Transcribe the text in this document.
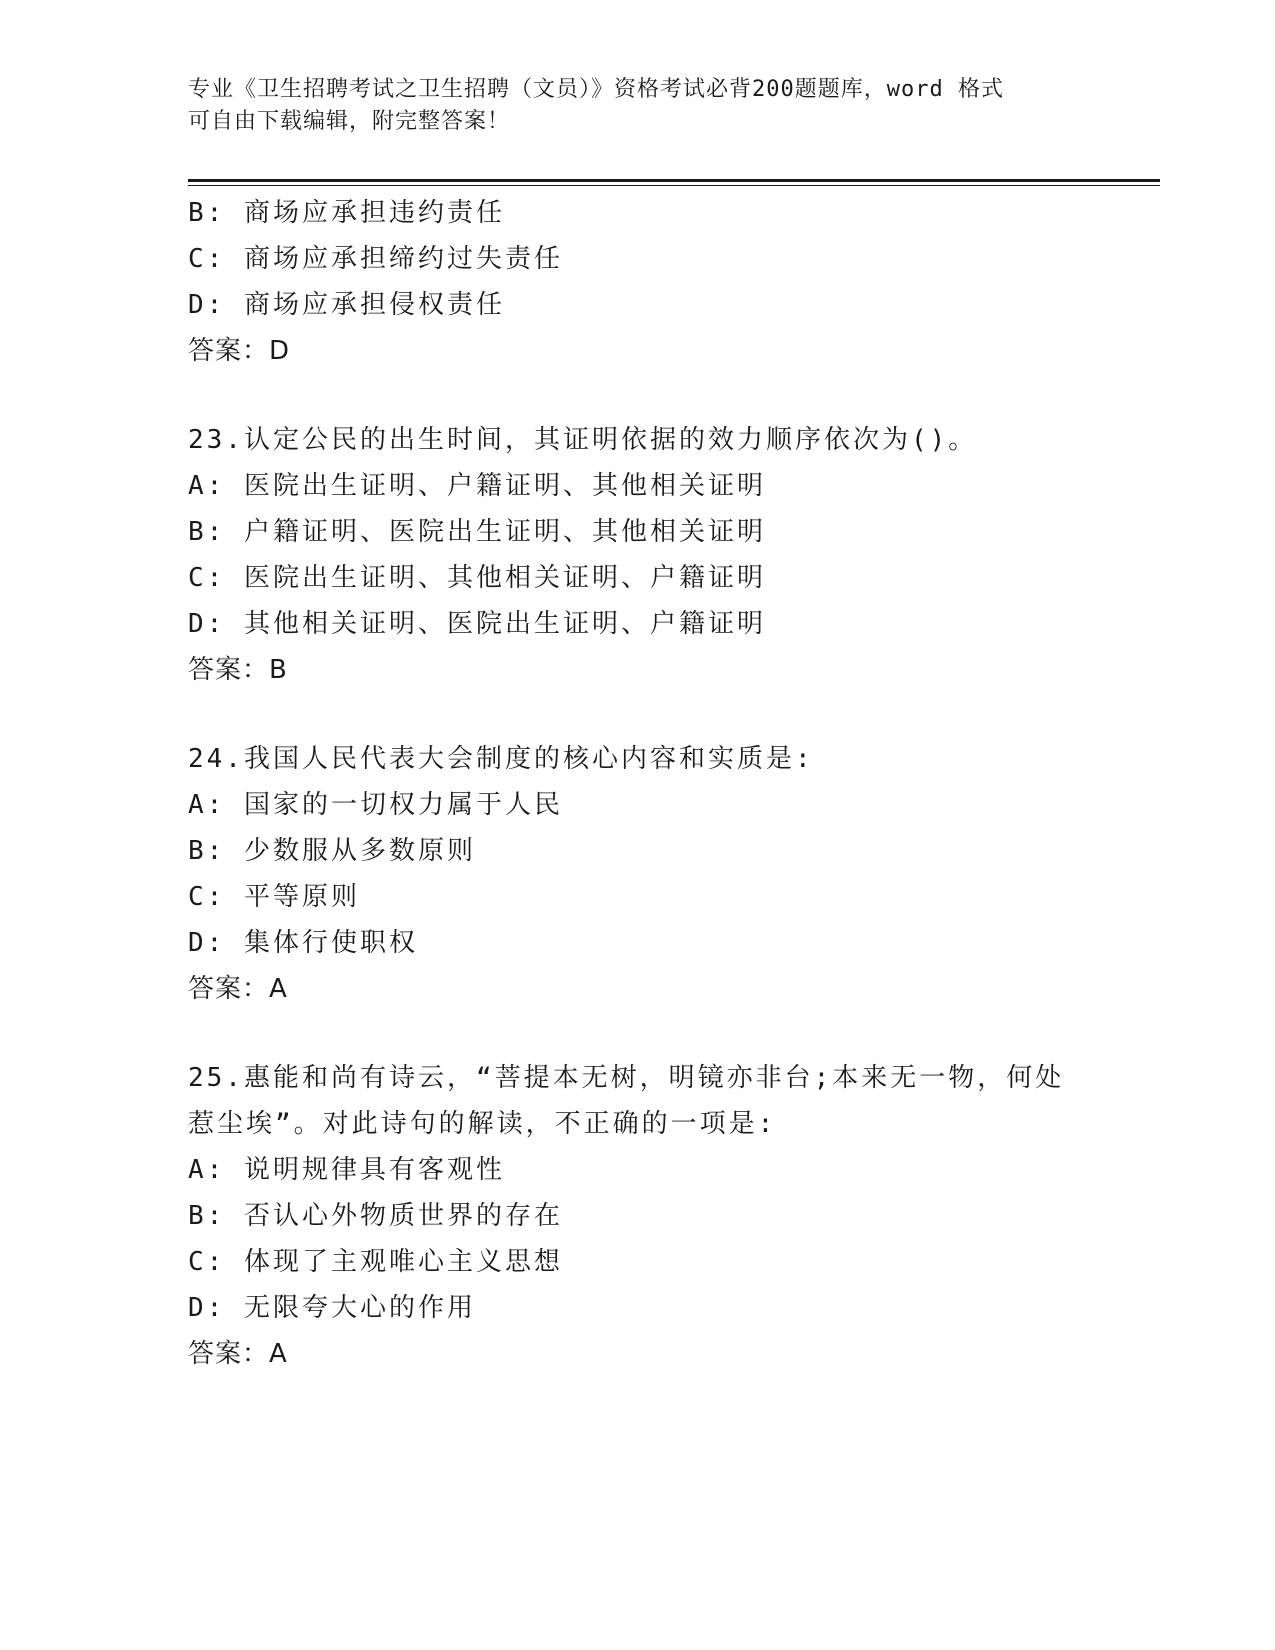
专业《卫生招聘考试之卫生招聘（文员）》资格考试必背200题题库，word 格式
可自由下载编辑，附完整答案！
B: 商场应承担违约责任
C: 商场应承担缔约过失责任
D: 商场应承担侵权责任
答案：D
23.认定公民的出生时间，其证明依据的效力顺序依次为()。
A: 医院出生证明、户籍证明、其他相关证明
B: 户籍证明、医院出生证明、其他相关证明
C: 医院出生证明、其他相关证明、户籍证明
D: 其他相关证明、医院出生证明、户籍证明
答案：B
24.我国人民代表大会制度的核心内容和实质是:
A: 国家的一切权力属于人民
B: 少数服从多数原则
C: 平等原则
D: 集体行使职权
答案：A
25.惠能和尚有诗云，“菩提本无树，明镜亦非台;本来无一物，何处
惹尘埃”。对此诗句的解读，不正确的一项是:
A: 说明规律具有客观性
B: 否认心外物质世界的存在
C: 体现了主观唯心主义思想
D: 无限夸大心的作用
答案：A
